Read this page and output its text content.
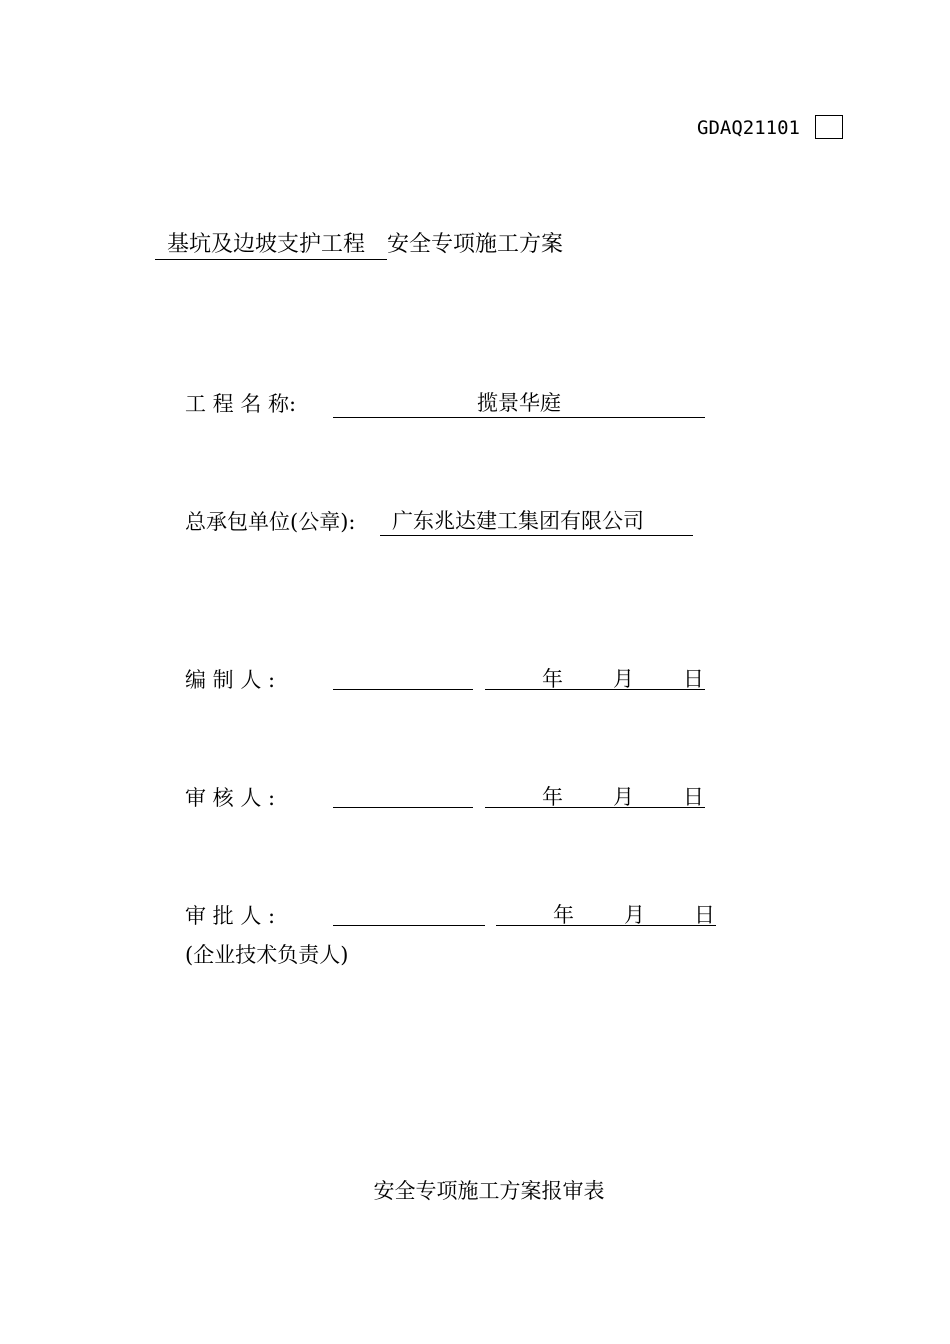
GDAQ21101
基坑及边坡支护工程 安全专项施工方案
工 程 名 称:	揽景华庭
总承包单位(公章):	广东兆达建工集团有限公司
编 制 人 :	年 月 日
审 核 人 :	年 月 日
审 批 人 :	年 月 日
(企业技术负责人)
安全专项施工方案报审表
